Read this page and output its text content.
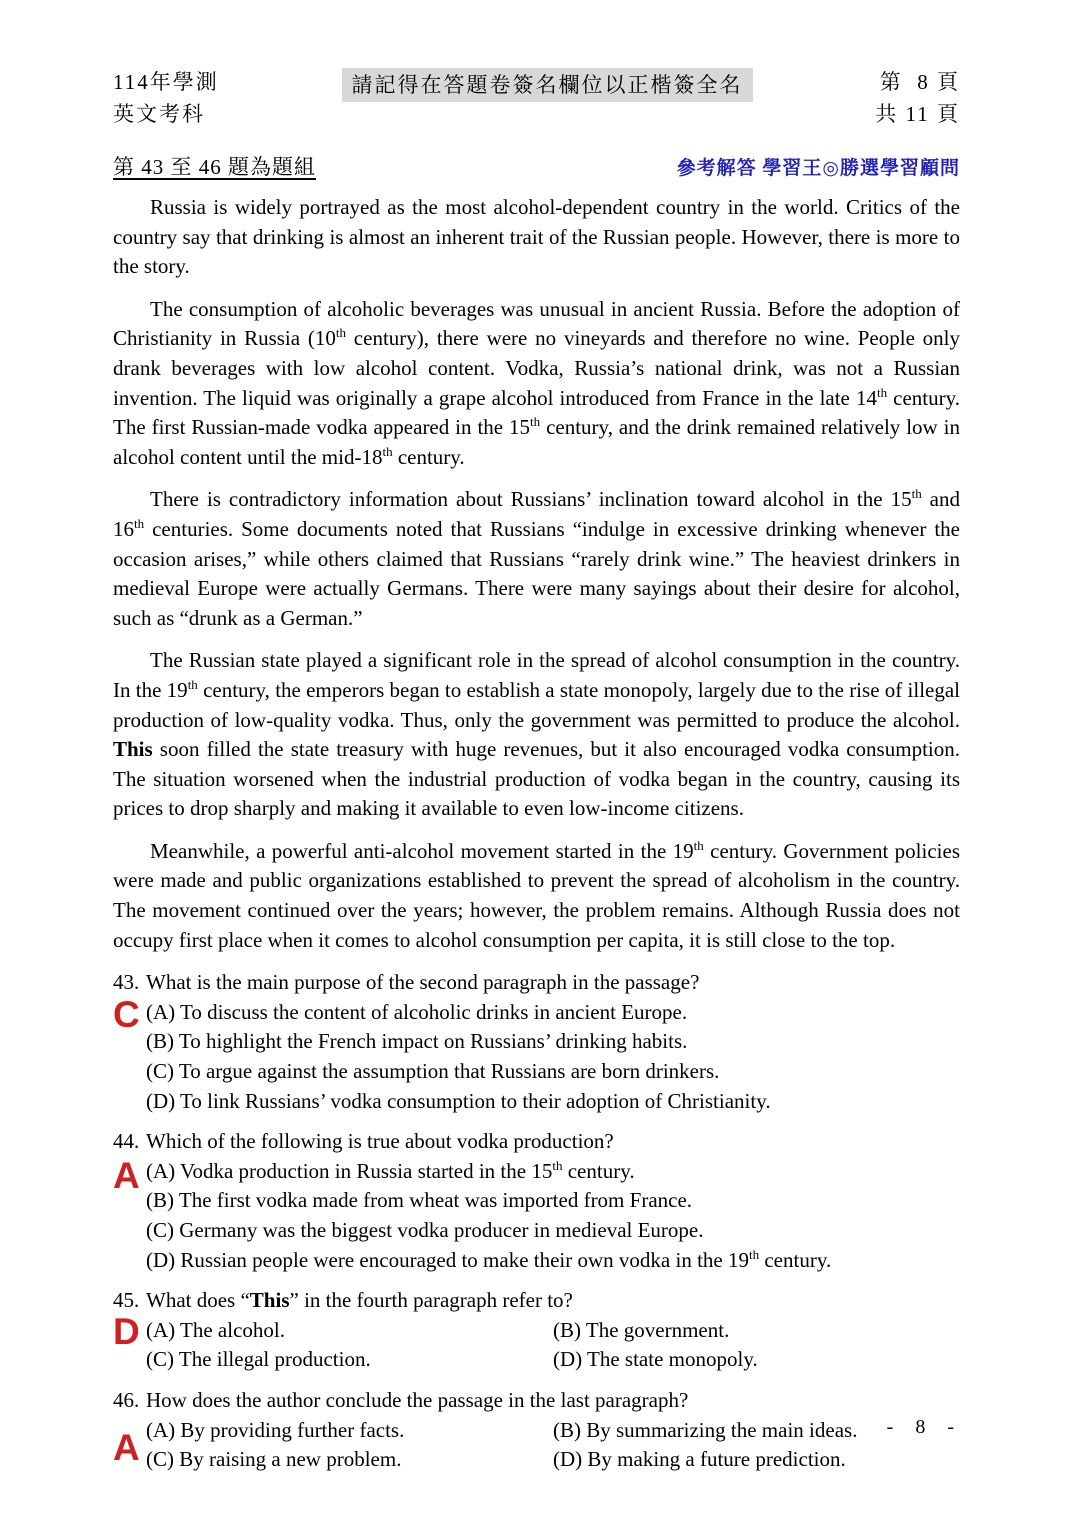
114年學測
英文考科
請記得在答題卷簽名欄位以正楷簽全名	第  8 頁
共 11 頁
第 43 至 46 題為題組	參考解答 學習王◎勝選學習顧問

Russia is widely portrayed as the most alcohol-dependent country in the world. Critics of the country say that drinking is almost an inherent trait of the Russian people. However, there is more to the story.

The consumption of alcoholic beverages was unusual in ancient Russia. Before the adoption of Christianity in Russia (10th century), there were no vineyards and therefore no wine. People only drank beverages with low alcohol content. Vodka, Russia’s national drink, was not a Russian invention. The liquid was originally a grape alcohol introduced from France in the late 14th century. The first Russian-made vodka appeared in the 15th century, and the drink remained relatively low in alcohol content until the mid-18th century.

There is contradictory information about Russians’ inclination toward alcohol in the 15th and 16th centuries. Some documents noted that Russians “indulge in excessive drinking whenever the occasion arises,” while others claimed that Russians “rarely drink wine.” The heaviest drinkers in medieval Europe were actually Germans. There were many sayings about their desire for alcohol, such as “drunk as a German.”

The Russian state played a significant role in the spread of alcohol consumption in the country. In the 19th century, the emperors began to establish a state monopoly, largely due to the rise of illegal production of low-quality vodka. Thus, only the government was permitted to produce the alcohol. This soon filled the state treasury with huge revenues, but it also encouraged vodka consumption. The situation worsened when the industrial production of vodka began in the country, causing its prices to drop sharply and making it available to even low-income citizens.

Meanwhile, a powerful anti-alcohol movement started in the 19th century. Government policies were made and public organizations established to prevent the spread of alcoholism in the country. The movement continued over the years; however, the problem remains. Although Russia does not occupy first place when it comes to alcohol consumption per capita, it is still close to the top.

43. What is the main purpose of the second paragraph in the passage?
C (A) To discuss the content of alcoholic drinks in ancient Europe.
(B) To highlight the French impact on Russians’ drinking habits.
(C) To argue against the assumption that Russians are born drinkers.
(D) To link Russians’ vodka consumption to their adoption of Christianity.
44. Which of the following is true about vodka production?
A (A) Vodka production in Russia started in the 15th century.
(B) The first vodka made from wheat was imported from France.
(C) Germany was the biggest vodka producer in medieval Europe.
(D) Russian people were encouraged to make their own vodka in the 19th century.
45. What does “This” in the fourth paragraph refer to?
D (A) The alcohol.	(B) The government.
(C) The illegal production.	(D) The state monopoly.
46. How does the author conclude the passage in the last paragraph?
A (A) By providing further facts.	(B) By summarizing the main ideas.
(C) By raising a new problem.	(D) By making a future prediction.
-  8  -
